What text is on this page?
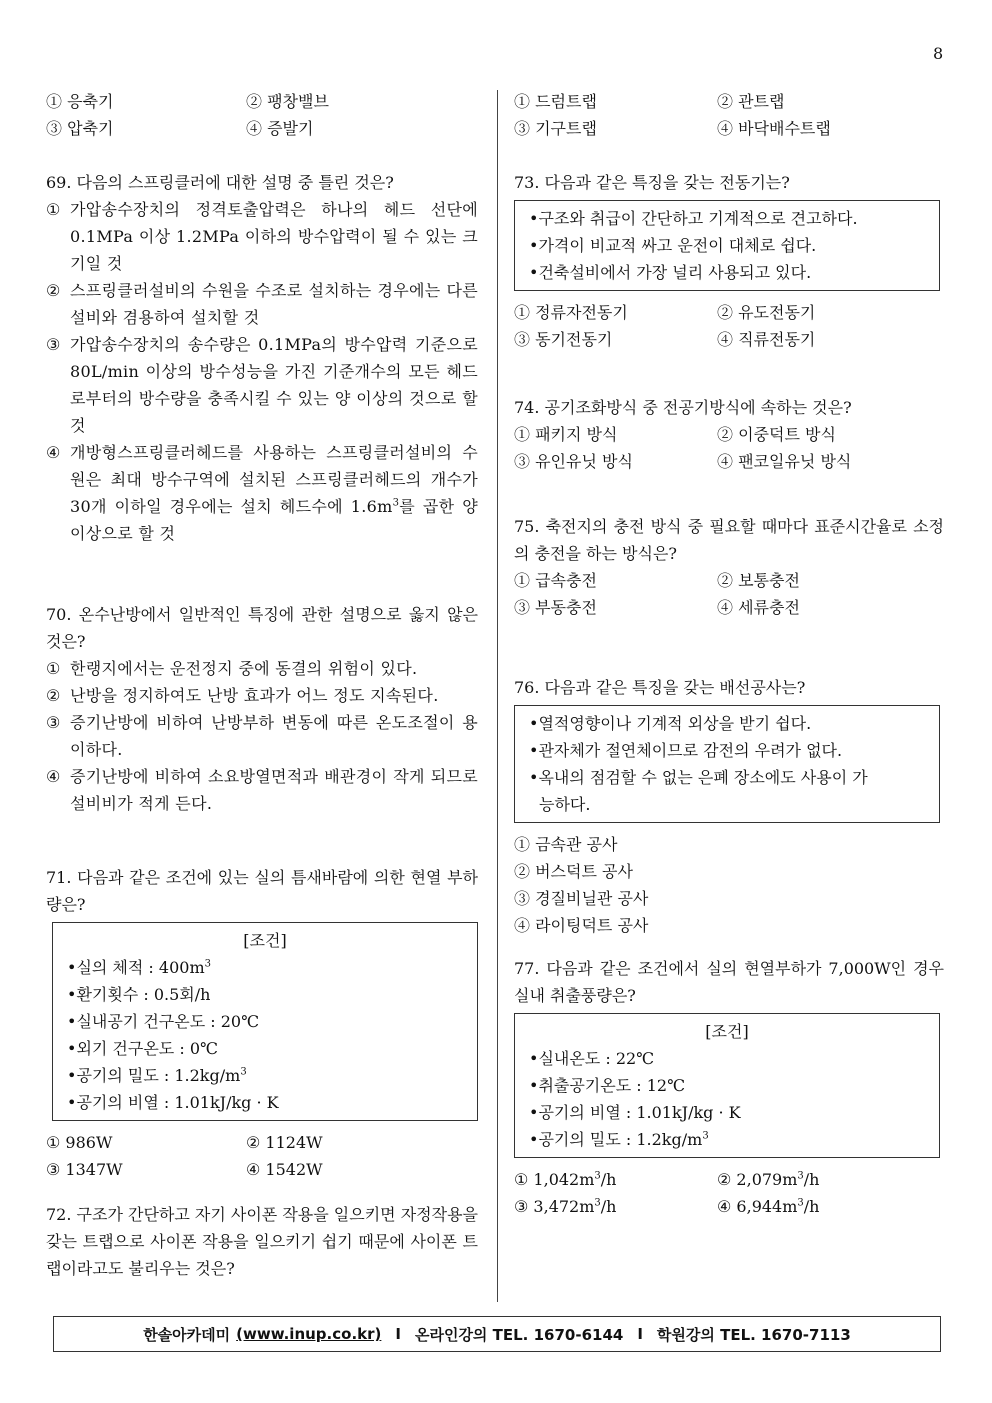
8
① 응축기	② 팽창밸브
③ 압축기	④ 증발기
69. 다음의 스프링클러에 대한 설명 중 틀린 것은?
① 가압송수장치의 정격토출압력은 하나의 헤드 선단에 0.1MPa 이상 1.2MPa 이하의 방수압력이 될 수 있는 크기일 것
② 스프링클러설비의 수원을 수조로 설치하는 경우에는 다른 설비와 겸용하여 설치할 것
③ 가압송수장치의 송수량은 0.1MPa의 방수압력 기준으로 80L/min 이상의 방수성능을 가진 기준개수의 모든 헤드로부터의 방수량을 충족시킬 수 있는 양 이상의 것으로 할 것
④ 개방형스프링클러헤드를 사용하는 스프링클러설비의 수원은 최대 방수구역에 설치된 스프링클러헤드의 개수가 30개 이하일 경우에는 설치 헤드수에 $1.6m^3$를 곱한 양 이상으로 할 것
70. 온수난방에서 일반적인 특징에 관한 설명으로 옳지 않은 것은?
① 한랭지에서는 운전정지 중에 동결의 위험이 있다.
② 난방을 정지하여도 난방 효과가 어느 정도 지속된다.
③ 증기난방에 비하여 난방부하 변동에 따른 온도조절이 용이하다.
④ 증기난방에 비하여 소요방열면적과 배관경이 작게 되므로 설비비가 적게 든다.
71. 다음과 같은 조건에 있는 실의 틈새바람에 의한 현열 부하량은?
[조건]
•실의 체적 : $400m^3$
•환기횟수 : 0.5회/h
•실내공기 건구온도 : 20℃
•외기 건구온도 : 0℃
•공기의 밀도 : $1.2kg/m^3$
•공기의 비열 : 1.01kJ/kg · K
① 986W	② 1124W
③ 1347W	④ 1542W
72. 구조가 간단하고 자기 사이폰 작용을 일으키면 자정작용을 갖는 트랩으로 사이폰 작용을 일으키기 쉽기 때문에 사이폰 트랩이라고도 불리우는 것은?
① 드럼트랩	② 관트랩
③ 기구트랩	④ 바닥배수트랩
73. 다음과 같은 특징을 갖는 전동기는?
•구조와 취급이 간단하고 기계적으로 견고하다.
•가격이 비교적 싸고 운전이 대체로 쉽다.
•건축설비에서 가장 널리 사용되고 있다.
① 정류자전동기	② 유도전동기
③ 동기전동기	④ 직류전동기
74. 공기조화방식 중 전공기방식에 속하는 것은?
① 패키지 방식	② 이중덕트 방식
③ 유인유닛 방식	④ 팬코일유닛 방식
75. 축전지의 충전 방식 중 필요할 때마다 표준시간율로 소정의 충전을 하는 방식은?
① 급속충전	② 보통충전
③ 부동충전	④ 세류충전
76. 다음과 같은 특징을 갖는 배선공사는?
•열적영향이나 기계적 외상을 받기 쉽다.
•관자체가 절연체이므로 감전의 우려가 없다.
•옥내의 점검할 수 없는 은폐 장소에도 사용이 가
능하다.
① 금속관 공사
② 버스덕트 공사
③ 경질비닐관 공사
④ 라이팅덕트 공사
77. 다음과 같은 조건에서 실의 현열부하가 7,000W인 경우 실내 취출풍량은?
[조건]
•실내온도 : 22℃
•취출공기온도 : 12℃
•공기의 비열 : 1.01kJ/kg · K
•공기의 밀도 : $1.2kg/m^3$
① $1,042m^3/h$	② $2,079m^3/h$
③ $3,472m^3/h$	④ $6,944m^3/h$
한솔아카데미 (www.inup.co.kr) I 온라인강의 TEL. 1670-6144 I 학원강의 TEL. 1670-7113
